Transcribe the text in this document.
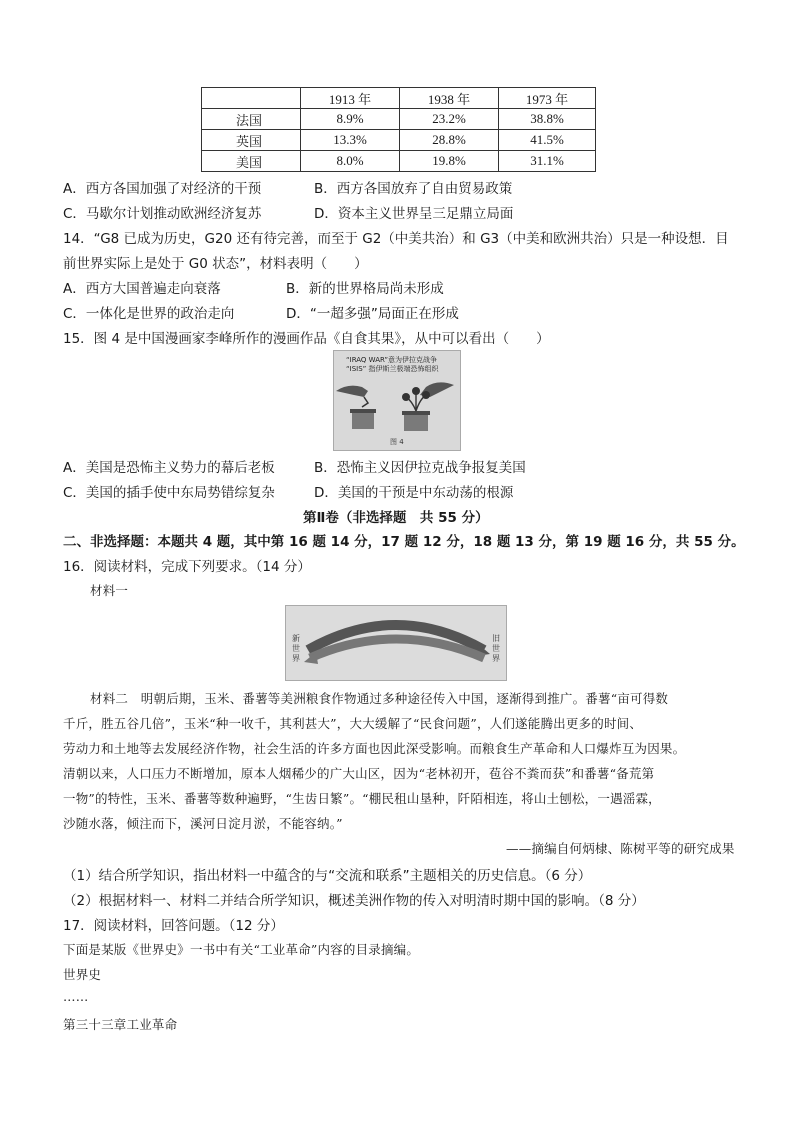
	1913 年	1938 年	1973 年
法国	8.9%	23.2%	38.8%
英国	13.3%	28.8%	41.5%
美国	8.0%	19.8%	31.1%
A．西方各国加强了对经济的干预	B．西方各国放弃了自由贸易政策
C．马歇尔计划推动欧洲经济复苏	D．资本主义世界呈三足鼎立局面
14．“G8 已成为历史，G20 还有待完善，而至于 G2（中美共治）和 G3（中美和欧洲共治）只是一种设想．目
前世界实际上是处于 G0 状态”，材料表明（　　）
A．西方大国普遍走向衰落	B．新的世界格局尚未形成
C．一体化是世界的政治走向	D．“一超多强”局面正在形成
15．图 4 是中国漫画家李峰所作的漫画作品《自食其果》，从中可以看出（　　）
“IRAQ WAR”意为伊拉克战争
“ISIS” 指伊斯兰极端恐怖组织
图 4
A．美国是恐怖主义势力的幕后老板	B．恐怖主义因伊拉克战争报复美国
C．美国的插手使中东局势错综复杂	D．美国的干预是中东动荡的根源
第Ⅱ卷（非选择题　共 55 分）
二、非选择题：本题共 4 题，其中第 16 题 14 分，17 题 12 分，18 题 13 分，第 19 题 16 分，共 55 分。
16．阅读材料，完成下列要求。（14 分）
材料一
新
世
界
旧
世
界
材料二　明朝后期，玉米、番薯等美洲粮食作物通过多种途径传入中国，逐渐得到推广。番薯“亩可得数
千斤，胜五谷几倍”，玉米“种一收千，其利甚大”，大大缓解了“民食问题”，人们遂能腾出更多的时间、
劳动力和土地等去发展经济作物，社会生活的许多方面也因此深受影响。而粮食生产革命和人口爆炸互为因果。
清朝以来，人口压力不断增加，原本人烟稀少的广大山区，因为“老林初开，苞谷不粪而获”和番薯“备荒第
一物”的特性，玉米、番薯等数种遍野，“生齿日繁”。“棚民租山垦种，阡陌相连，将山土刨松，一遇滛霖，
沙随水落，倾注而下，溪河日淀月淤，不能容纳。”
——摘编自何炳棣、陈树平等的研究成果
（1）结合所学知识，指出材料一中蕴含的与“交流和联系”主题相关的历史信息。（6 分）
（2）根据材料一、材料二并结合所学知识，概述美洲作物的传入对明清时期中国的影响。（8 分）
17．阅读材料，回答问题。（12 分）
下面是某版《世界史》一书中有关“工业革命”内容的目录摘编。
世界史
……
第三十三章工业革命
